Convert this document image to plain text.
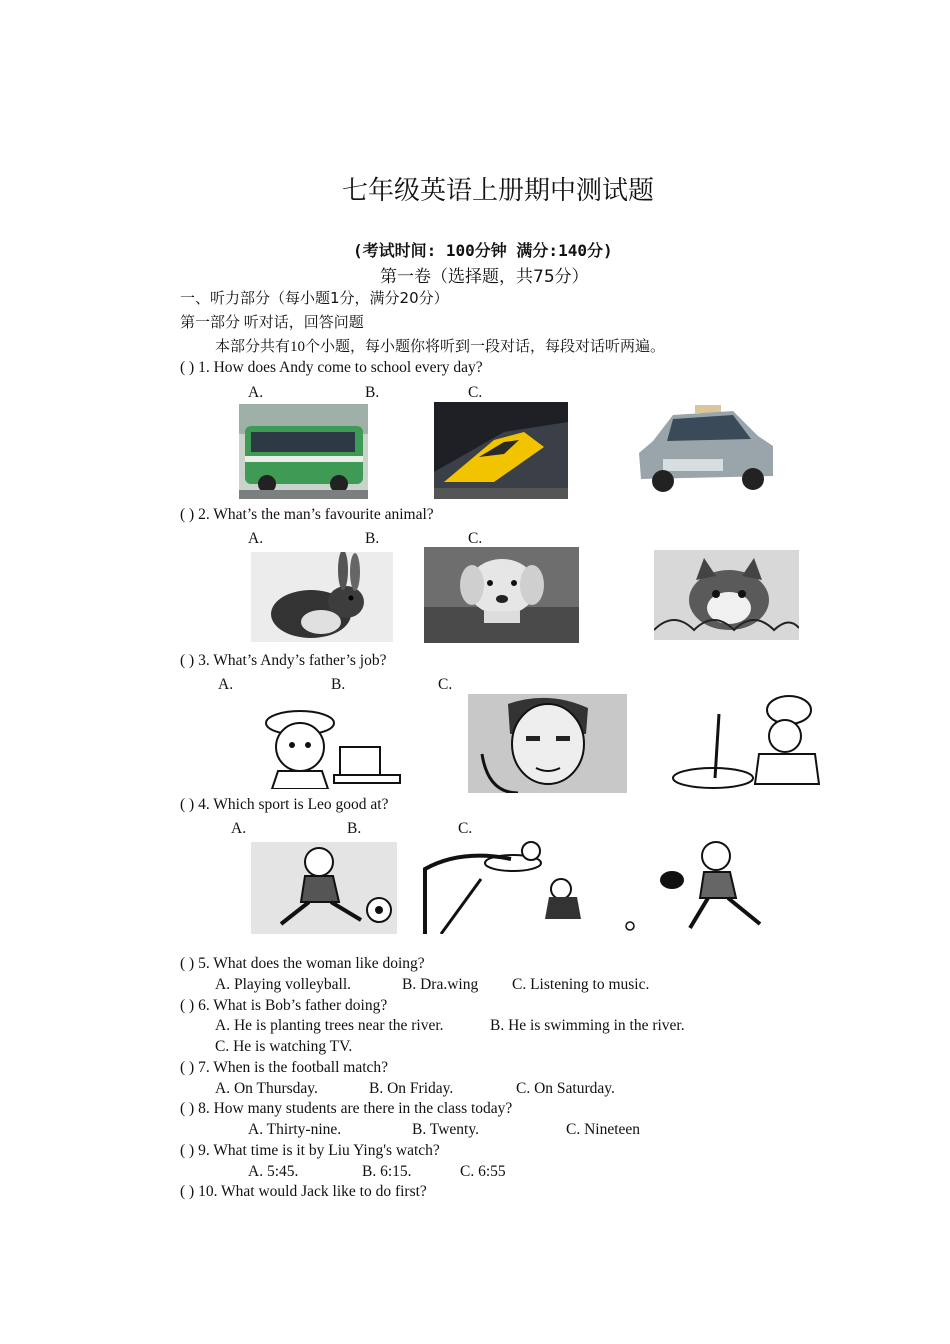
七年级英语上册期中测试题
(考试时间: 100分钟 满分:140分)
第一卷（选择题，共75分）
一、听力部分（每小题1分，满分20分）
第一部分 听对话，回答问题
本部分共有10个小题，每小题你将听到一段对话，每段对话听两遍。
( ) 1. How does Andy come to school every day?
A.	B.	C.
( ) 2. What’s the man’s favourite animal?
A.	B.	C.
( ) 3. What’s Andy’s father’s job?
A.	B.	C.
( ) 4. Which sport is Leo good at?
A.	B.	C.
( ) 5. What does the woman like doing?
A. Playing volleyball.	B. Dra.wing C. Listening to music.
( ) 6. What is Bob’s father doing?
A. He is planting trees near the river.	B. He is swimming in the river.
C. He is watching TV.
( ) 7. When is the football match?
A. On Thursday.	B. On Friday.	C. On Saturday.
( ) 8. How many students are there in the class today?
A. Thirty-nine.	B. Twenty.	C. Nineteen
( ) 9. What time is it by Liu Ying's watch?
A. 5:45.	B. 6:15.	C. 6:55
( ) 10. What would Jack like to do first?
